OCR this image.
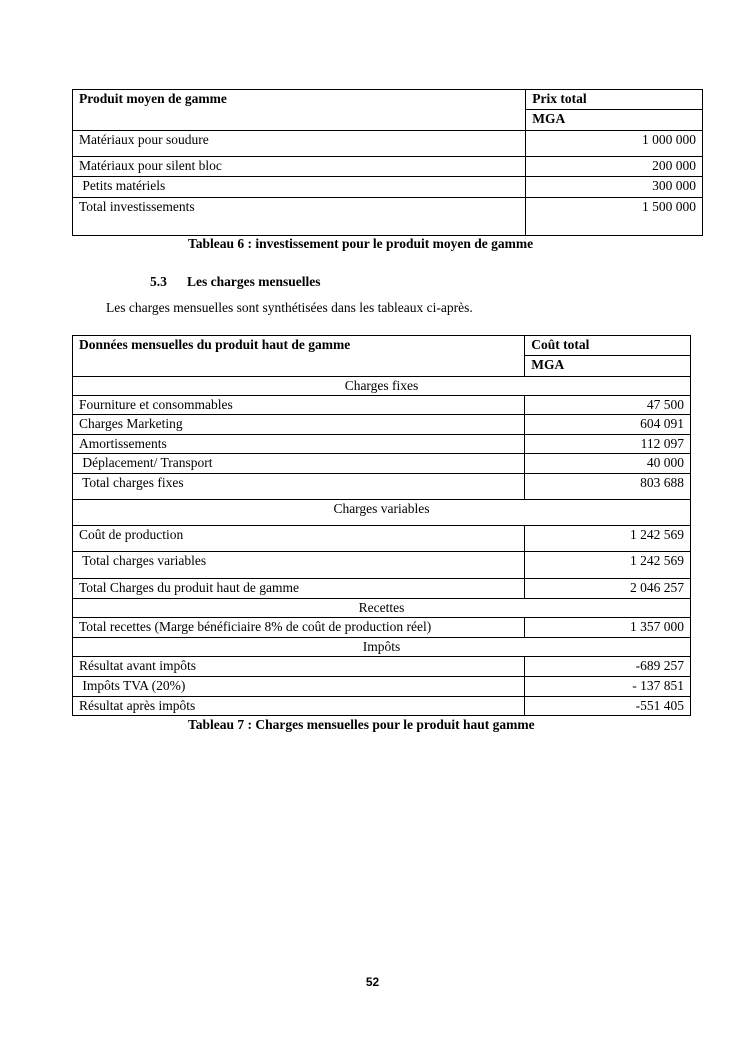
Produit moyen de gamme	Prix total
	MGA
Matériaux pour soudure	1 000 000
Matériaux pour silent bloc	200 000
Petits matériels	300 000
Total investissements	1 500 000
Tableau 6 : investissement pour le produit moyen de gamme
5.3 Les charges mensuelles
Les charges mensuelles sont synthétisées dans les tableaux ci-après.
Données mensuelles du produit haut de gamme	Coût total
	MGA
Charges fixes	
Fourniture et consommables	47 500
Charges Marketing	604 091
Amortissements	112 097
Déplacement/ Transport	40 000
Total charges fixes	803 688
Charges variables	
Coût de production	1 242 569
Total charges variables	1 242 569
Total Charges du produit haut de gamme	2 046 257
Recettes	
Total recettes (Marge bénéficiaire 8% de coût de production réel)	1 357 000
Impôts	
Résultat avant impôts	-689 257
Impôts TVA (20%)	- 137 851
Résultat après impôts	-551 405
Tableau 7 : Charges mensuelles pour le produit haut gamme
52
